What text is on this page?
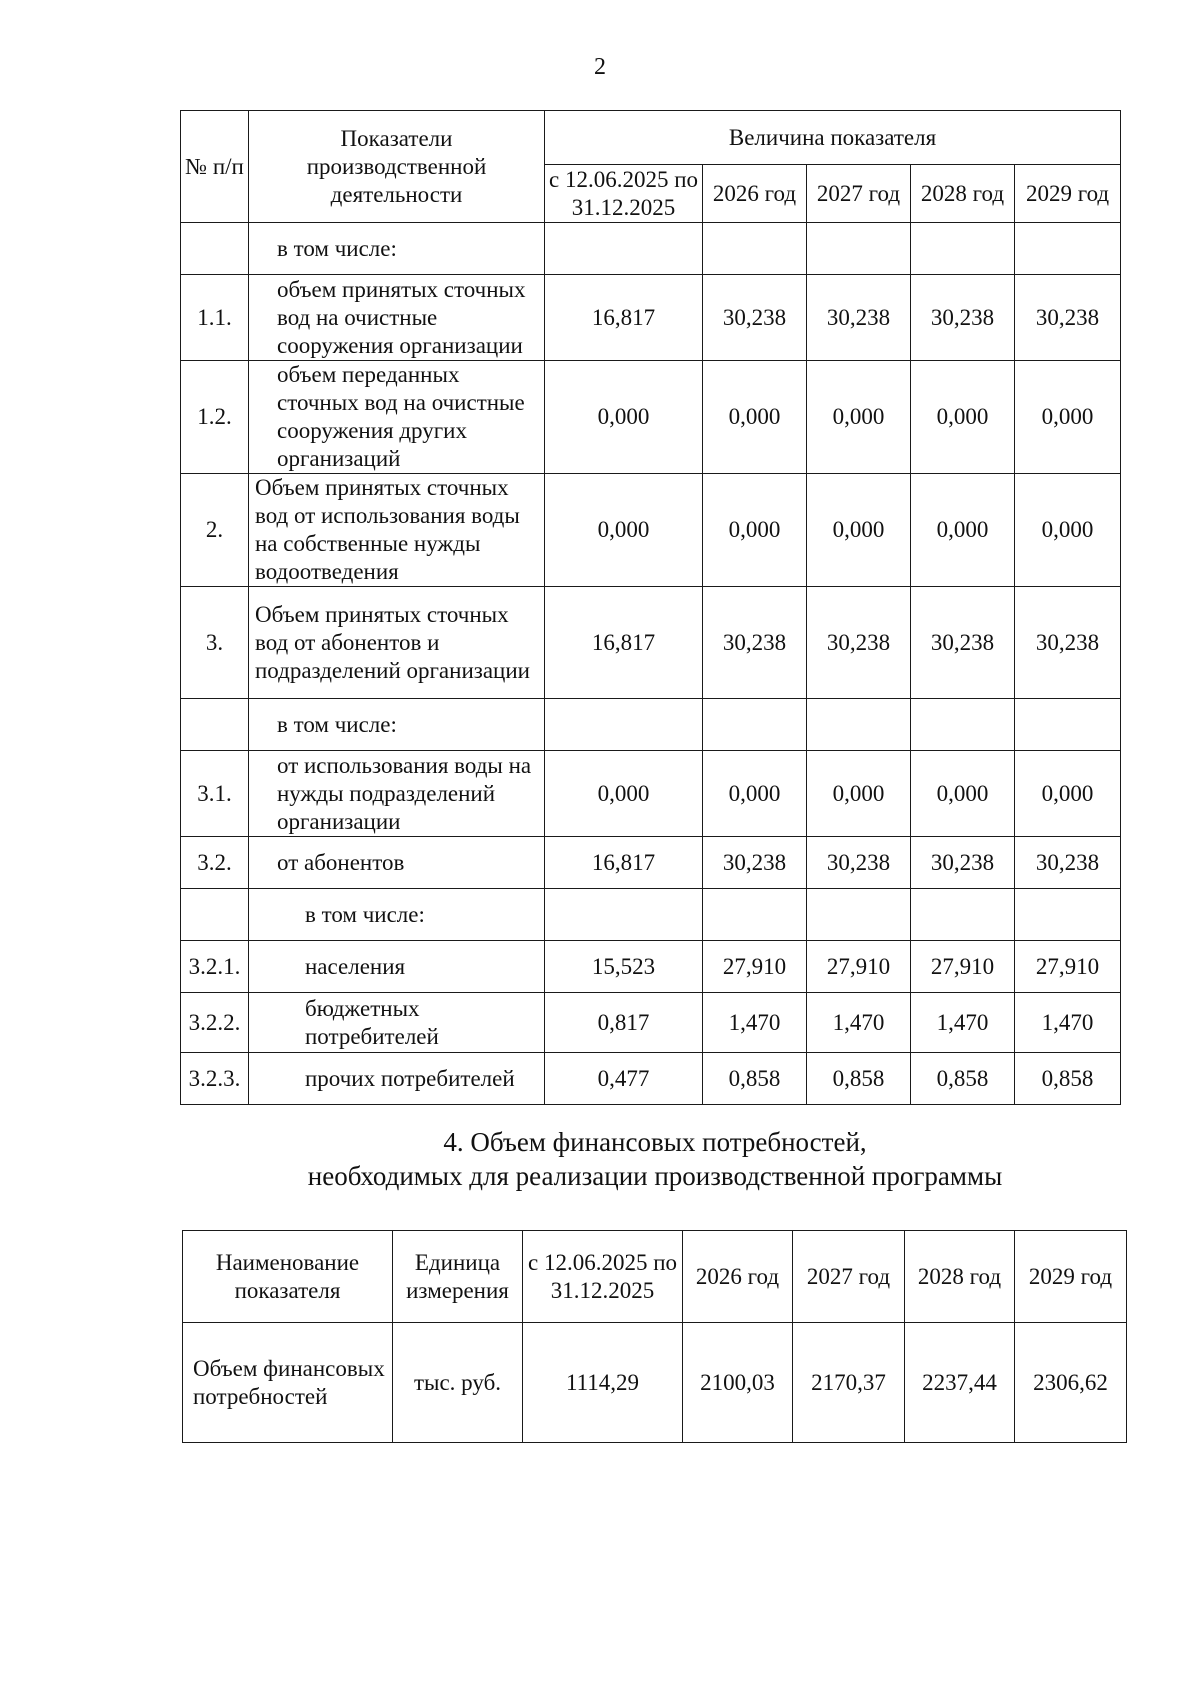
2
№ п/п	Показатели производственной деятельности	Величина показателя				
		с 12.06.2025 по 31.12.2025	2026 год	2027 год	2028 год	2029 год
	в том числе:					
1.1.	объем принятых сточных вод на очистные сооружения организации	16,817	30,238	30,238	30,238	30,238
1.2.	объем переданных сточных вод на очистные сооружения других организаций	0,000	0,000	0,000	0,000	0,000
2.	Объем принятых сточных вод от использования воды на собственные нужды водоотведения	0,000	0,000	0,000	0,000	0,000
3.	Объем принятых сточных вод от абонентов и подразделений организации	16,817	30,238	30,238	30,238	30,238
	в том числе:					
3.1.	от использования воды на нужды подразделений организации	0,000	0,000	0,000	0,000	0,000
3.2.	от абонентов	16,817	30,238	30,238	30,238	30,238
	в том числе:					
3.2.1.	населения	15,523	27,910	27,910	27,910	27,910
3.2.2.	бюджетных потребителей	0,817	1,470	1,470	1,470	1,470
3.2.3.	прочих потребителей	0,477	0,858	0,858	0,858	0,858
4. Объем финансовых потребностей,
необходимых для реализации производственной программы
Наименование показателя	Единица измерения	с 12.06.2025 по 31.12.2025	2026 год	2027 год	2028 год	2029 год
Объем финансовых потребностей	тыс. руб.	1114,29	2100,03	2170,37	2237,44	2306,62
